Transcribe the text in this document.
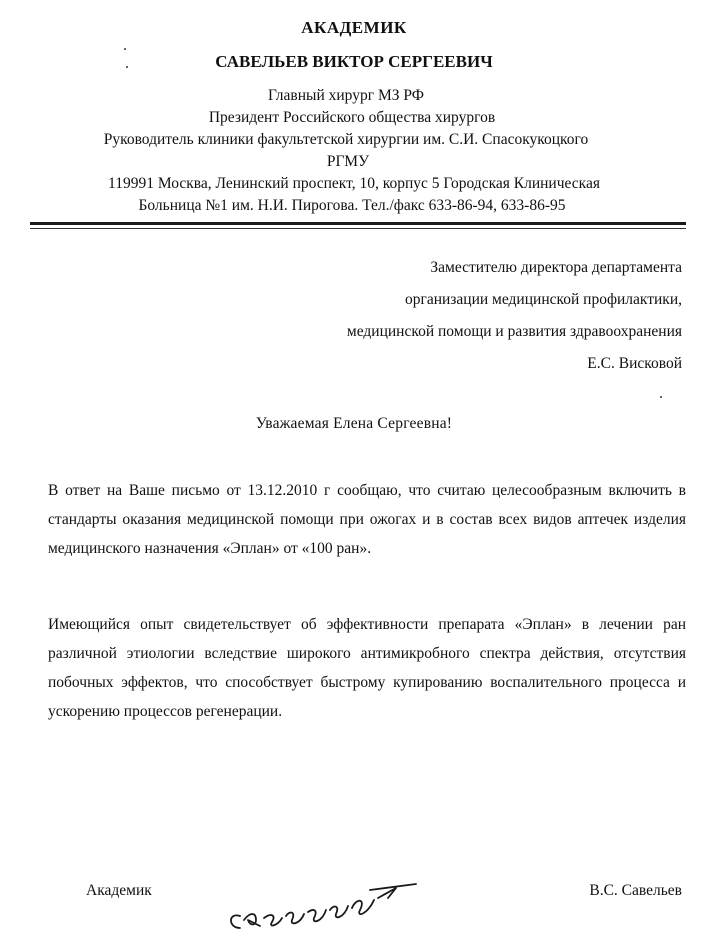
АКАДЕМИК
САВЕЛЬЕВ ВИКТОР СЕРГЕЕВИЧ
Главный хирург МЗ РФ
Президент Российского общества хирургов
Руководитель клиники факультетской хирургии им. С.И. Спасокукоцкого
РГМУ
119991 Москва, Ленинский проспект, 10, корпус 5 Городская Клиническая
Больница №1 им. Н.И. Пирогова. Тел./факс 633-86-94, 633-86-95
Заместителю директора департамента
организации медицинской профилактики,
медицинской помощи и развития здравоохранения
Е.С. Висковой
Уважаемая Елена Сергеевна!
В ответ на Ваше письмо от 13.12.2010 г сообщаю, что считаю целесообразным включить в стандарты оказания медицинской помощи при ожогах и в состав всех видов аптечек изделия медицинского назначения «Эплан» от «100 ран».
Имеющийся опыт свидетельствует об эффективности препарата «Эплан» в лечении ран различной этиологии вследствие широкого антимикробного спектра действия, отсутствия побочных эффектов, что способствует быстрому купированию воспалительного процесса и ускорению процессов регенерации.
Академик	В.С. Савельев
